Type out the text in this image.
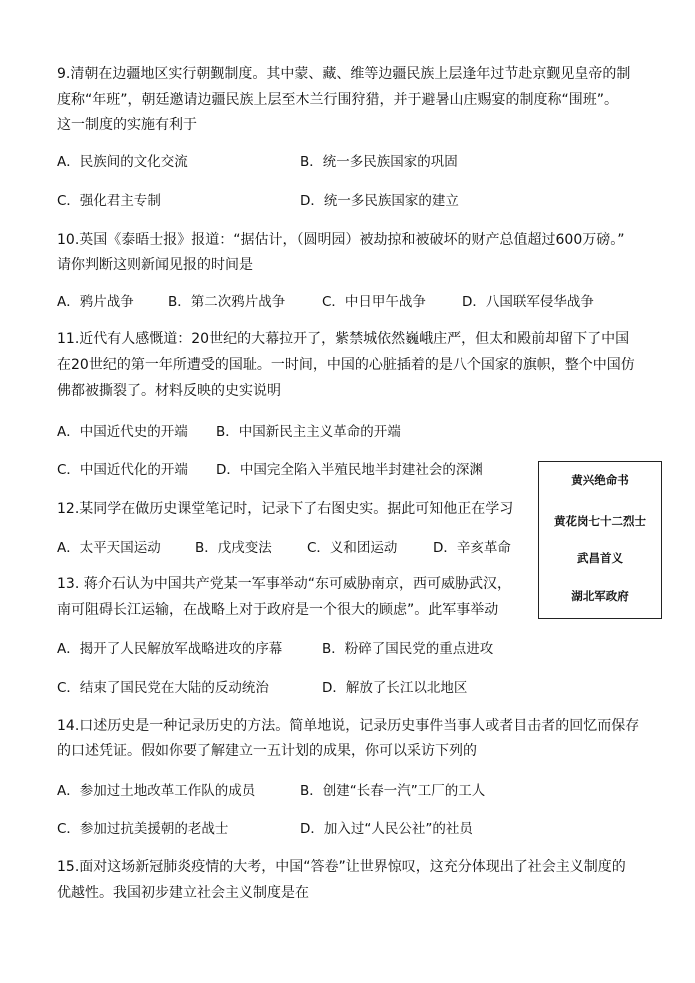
9.清朝在边疆地区实行朝觐制度。其中蒙、藏、维等边疆民族上层逢年过节赴京觐见皇帝的制
度称“年班”，朝廷邀请边疆民族上层至木兰行围狩猎，并于避暑山庄赐宴的制度称“围班”。
这一制度的实施有利于
A．民族间的文化交流	B．统一多民族国家的巩固
C．强化君主专制	D．统一多民族国家的建立
10.英国《泰晤士报》报道：“据估计，（圆明园）被劫掠和被破坏的财产总值超过600万磅。”
请你判断这则新闻见报的时间是
A．鸦片战争	B．第二次鸦片战争	C．中日甲午战争	D．八国联军侵华战争
11.近代有人感慨道：20世纪的大幕拉开了，紫禁城依然巍峨庄严，但太和殿前却留下了中国
在20世纪的第一年所遭受的国耻。一时间，中国的心脏插着的是八个国家的旗帜，整个中国仿
佛都被撕裂了。材料反映的史实说明
A．中国近代史的开端 B．中国新民主主义革命的开端
C．中国近代化的开端 D．中国完全陷入半殖民地半封建社会的深渊
12.某同学在做历史课堂笔记时，记录下了右图史实。据此可知他正在学习
A．太平天国运动	B．戊戌变法	C．义和团运动	D．辛亥革命
黄兴绝命书
黄花岗七十二烈士
武昌首义
湖北军政府
13. 蒋介石认为中国共产党某一军事举动“东可威胁南京，西可威胁武汉，
南可阻碍长江运输，在战略上对于政府是一个很大的顾虑”。此军事举动
A．揭开了人民解放军战略进攻的序幕	B．粉碎了国民党的重点进攻
C．结束了国民党在大陆的反动统治	D．解放了长江以北地区
14.口述历史是一种记录历史的方法。简单地说，记录历史事件当事人或者目击者的回忆而保存
的口述凭证。假如你要了解建立一五计划的成果，你可以采访下列的
A．参加过土地改革工作队的成员	B．创建“长春一汽”工厂的工人
C．参加过抗美援朝的老战士	D．加入过“人民公社”的社员
15.面对这场新冠肺炎疫情的大考，中国“答卷”让世界惊叹，这充分体现出了社会主义制度的
优越性。我国初步建立社会主义制度是在
